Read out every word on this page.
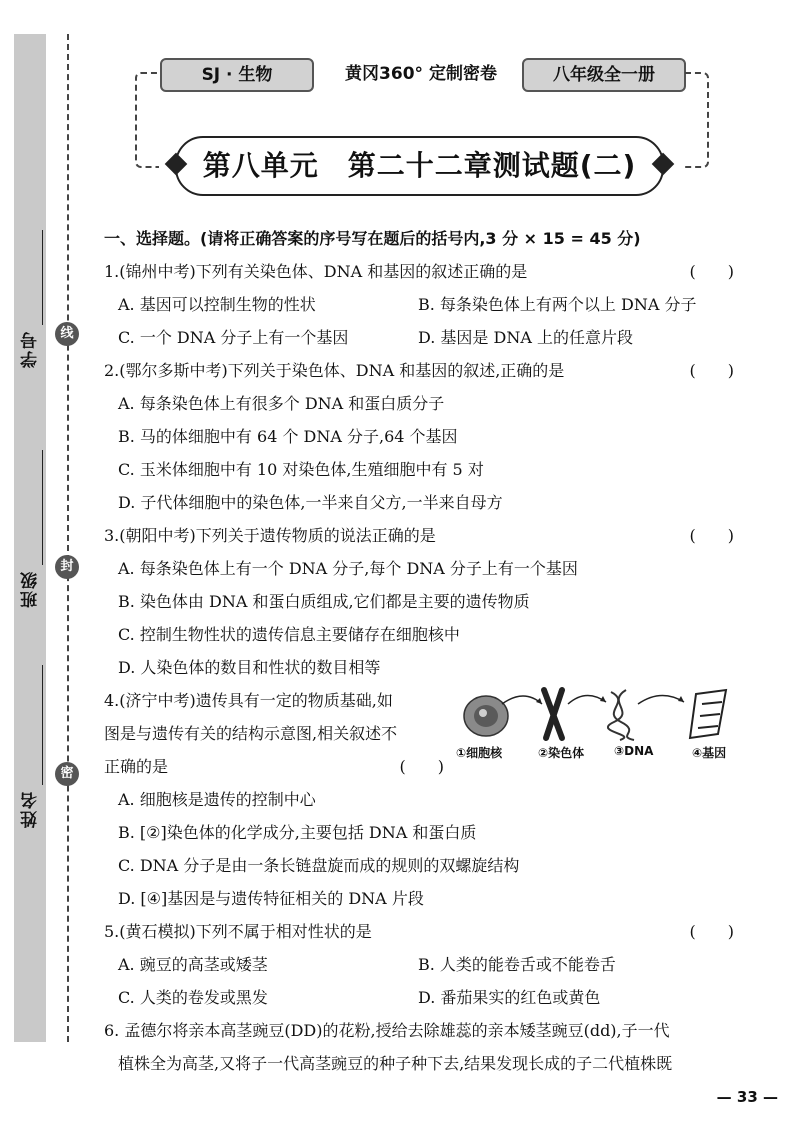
学号
班级
姓名
线
封
密
SJ · 生物	黄冈360° 定制密卷	八年级全一册
第八单元　第二十二章测试题(二)
一、选择题。(请将正确答案的序号写在题后的括号内,3 分 × 15 = 45 分)
1.(锦州中考)下列有关染色体、DNA 和基因的叙述正确的是	(　　)
A. 基因可以控制生物的性状	B. 每条染色体上有两个以上 DNA 分子
C. 一个 DNA 分子上有一个基因	D. 基因是 DNA 上的任意片段
2.(鄂尔多斯中考)下列关于染色体、DNA 和基因的叙述,正确的是	(　　)
A. 每条染色体上有很多个 DNA 和蛋白质分子
B. 马的体细胞中有 64 个 DNA 分子,64 个基因
C. 玉米体细胞中有 10 对染色体,生殖细胞中有 5 对
D. 子代体细胞中的染色体,一半来自父方,一半来自母方
3.(朝阳中考)下列关于遗传物质的说法正确的是	(　　)
A. 每条染色体上有一个 DNA 分子,每个 DNA 分子上有一个基因
B. 染色体由 DNA 和蛋白质组成,它们都是主要的遗传物质
C. 控制生物性状的遗传信息主要储存在细胞核中
D. 人染色体的数目和性状的数目相等
4.(济宁中考)遗传具有一定的物质基础,如
图是与遗传有关的结构示意图,相关叙述不
正确的是	(　　)
①细胞核	②染色体 ③DNA	④基因
A. 细胞核是遗传的控制中心
B. [②]染色体的化学成分,主要包括 DNA 和蛋白质
C. DNA 分子是由一条长链盘旋而成的规则的双螺旋结构
D. [④]基因是与遗传特征相关的 DNA 片段
5.(黄石模拟)下列不属于相对性状的是	(　　)
A. 豌豆的高茎或矮茎	B. 人类的能卷舌或不能卷舌
C. 人类的卷发或黑发	D. 番茄果实的红色或黄色
6. 孟德尔将亲本高茎豌豆(DD)的花粉,授给去除雄蕊的亲本矮茎豌豆(dd),子一代
植株全为高茎,又将子一代高茎豌豆的种子种下去,结果发现长成的子二代植株既
— 33 —
